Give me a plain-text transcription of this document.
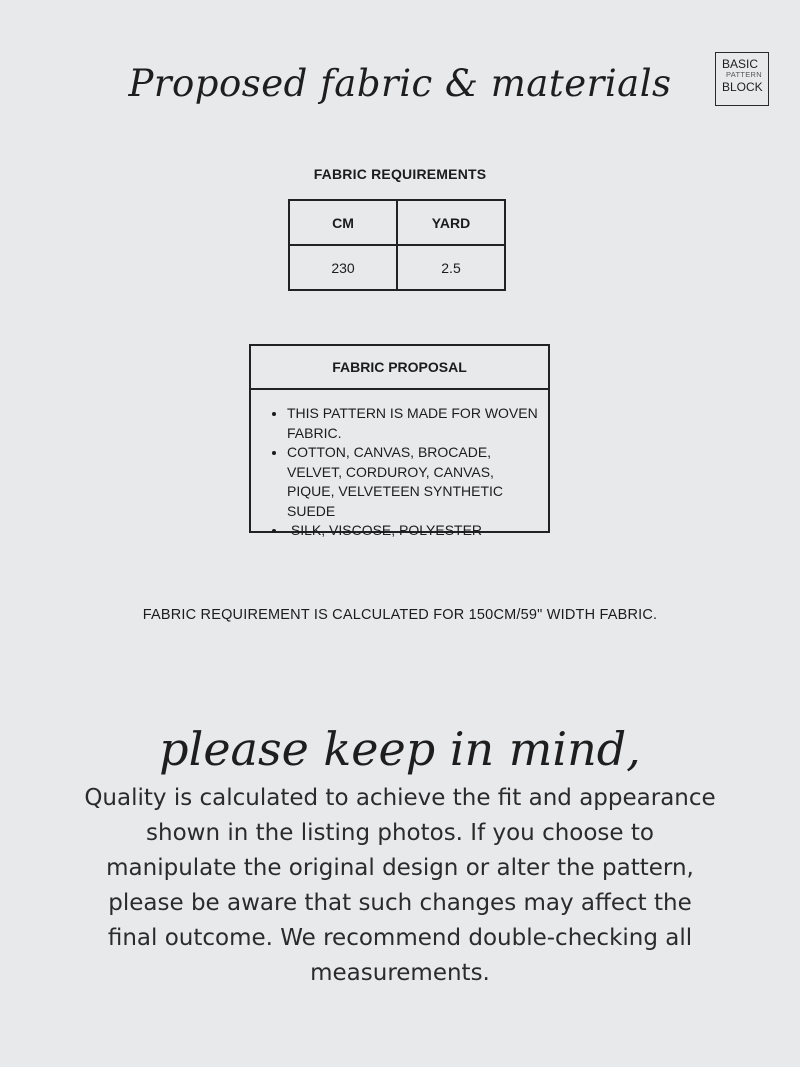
Proposed fabric & materials	BASIC
PATTERN
BLOCK
FABRIC REQUIREMENTS
CM	YARD
230	2.5
FABRIC PROPOSAL
• THIS PATTERN IS MADE FOR WOVEN FABRIC.
• COTTON, CANVAS, BROCADE, VELVET, CORDUROY, CANVAS, PIQUE, VELVETEEN SYNTHETIC SUEDE
•  SILK, VISCOSE, POLYESTER
FABRIC REQUIREMENT IS CALCULATED FOR 150CM/59" WIDTH FABRIC.
please keep in mind,
Quality is calculated to achieve the fit and appearance shown in the listing photos. If you choose to manipulate the original design or alter the pattern, please be aware that such changes may affect the final outcome. We recommend double-checking all measurements.
